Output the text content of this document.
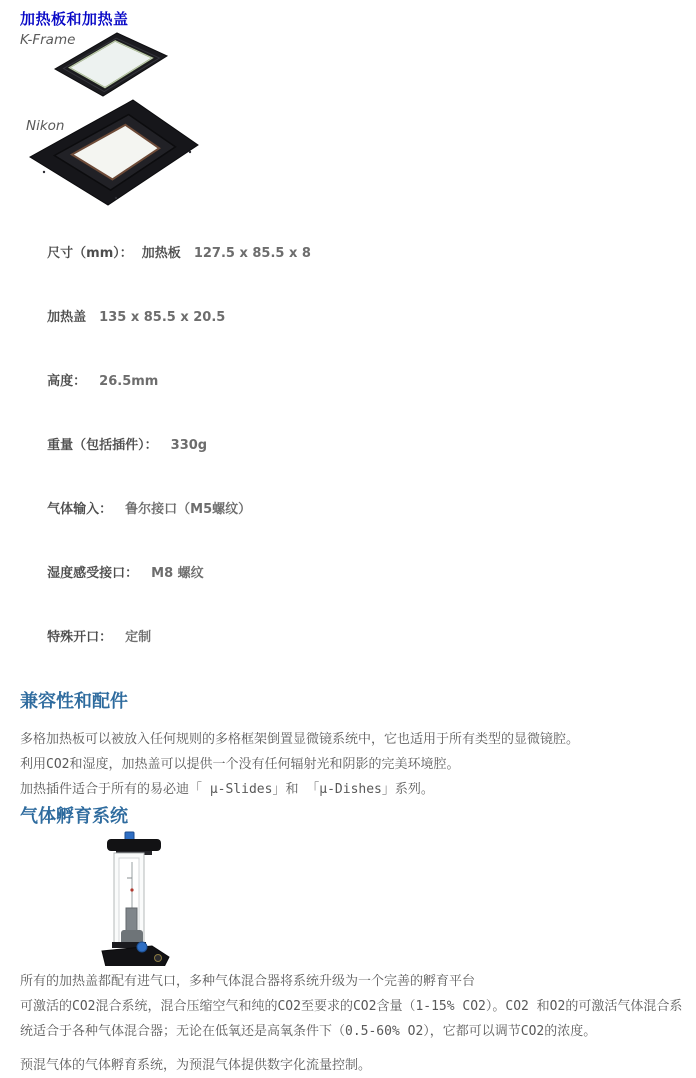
加热板和加热盖
K-Frame
Nikon

尺寸（mm）：  加热板 127.5 x 85.5 x 8

加热盖 135 x 85.5 x 20.5

高度： 26.5mm

重量（包括插件）： 330g

气体输入： 鲁尔接口（M5螺纹）

湿度感受接口： M8 螺纹

特殊开口： 定制

兼容性和配件

多格加热板可以被放入任何规则的多格框架倒置显微镜系统中，它也适用于所有类型的显微镜腔。

利用CO2和湿度，加热盖可以提供一个没有任何辐射光和阴影的完美环境腔。

加热插件适合于所有的易必迪「 μ-Slides」和 「μ-Dishes」系列。

气体孵育系统

所有的加热盖都配有进气口，多种气体混合器将系统升级为一个完善的孵育平台

可激活的CO2混合系统，混合压缩空气和纯的CO2至要求的CO2含量（1-15% CO2）。CO2 和O2的可激活气体混合系统适合于各种气体混合器；无论在低氧还是高氧条件下（0.5-60% O2），它都可以调节CO2的浓度。

预混气体的气体孵育系统，为预混气体提供数字化流量控制。
